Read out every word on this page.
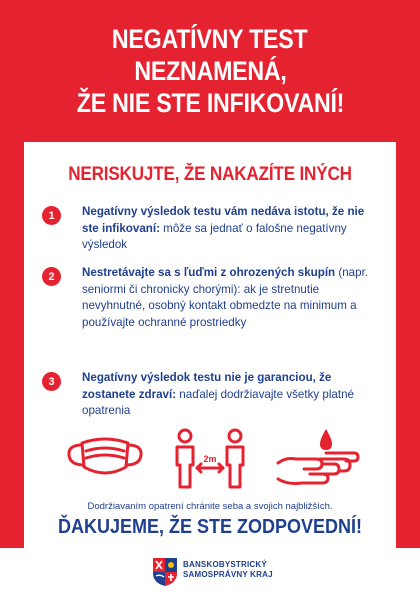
NEGATÍVNY TEST
NEZNAMENÁ,
ŽE NIE STE INFIKOVANÍ!
NERISKUJTE, ŽE NAKAZÍTE INÝCH
1	Negatívny výsledok testu vám nedáva istotu, že nie ste infikovaní: môže sa jednať o falošne negatívny výsledok
2	Nestretávajte sa s ľuďmi z ohrozených skupín (napr. seniormi či chronicky chorými): ak je stretnutie nevyhnutné, osobný kontakt obmedzte na minimum a používajte ochranné prostriedky
3	Negatívny výsledok testu nie je garanciou, že zostanete zdraví: naďalej dodržiavajte všetky platné opatrenia
2m
Dodržiavaním opatrení chránite seba a svojich najbližších.
ĎAKUJEME, ŽE STE ZODPOVEDNÍ!
BANSKOBYSTRICKÝ
SAMOSPRÁVNY KRAJ
